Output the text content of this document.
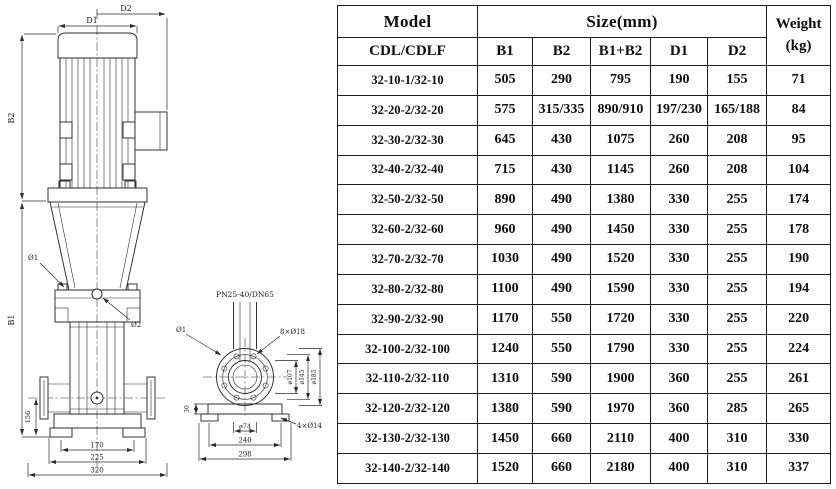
D2
D1
B2
B1
156
170
225
320
Ø1
Ø2
PN25-40/DN65
8×Ø18
Ø1
30
ø107 ø145 ø185
ø74
240
298
4×Ø14
Model	Size(mm)					Weight
(kg)

CDL/CDLF	B1	B2	B1+B2	D1	D2	
32-10-1/32-10	505	290	795	190	155	71
32-20-2/32-20	575	315/335	890/910	197/230	165/188	84
32-30-2/32-30	645	430	1075	260	208	95
32-40-2/32-40	715	430	1145	260	208	104
32-50-2/32-50	890	490	1380	330	255	174
32-60-2/32-60	960	490	1450	330	255	178
32-70-2/32-70	1030	490	1520	330	255	190
32-80-2/32-80	1100	490	1590	330	255	194
32-90-2/32-90	1170	550	1720	330	255	220
32-100-2/32-100	1240	550	1790	330	255	224
32-110-2/32-110	1310	590	1900	360	255	261
32-120-2/32-120	1380	590	1970	360	285	265
32-130-2/32-130	1450	660	2110	400	310	330
32-140-2/32-140	1520	660	2180	400	310	337
